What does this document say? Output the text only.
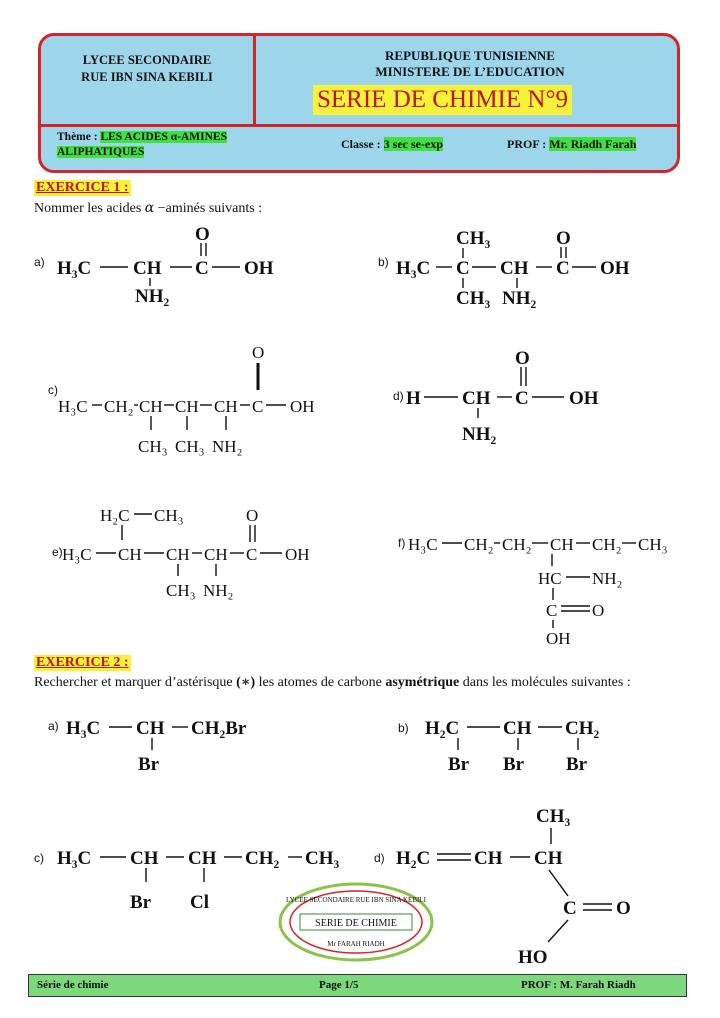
LYCEE SECONDAIRE
RUE IBN SINA KEBILI
REPUBLIQUE TUNISIENNE
MINISTERE DE L’EDUCATION
SERIE DE CHIMIE N°9
Thème : LES ACIDES α-AMINES
ALIPHATIQUES
Classe : 3 sec se-exp	PROF : Mr. Riadh Farah
EXERCICE 1 :
Nommer les acides α −aminés suivants :
EXERCICE 2 :
Rechercher et marquer d’astérisque (∗) les atomes de carbone asymétrique dans les molécules suivantes :
a) H₃C CH C OH
O
NH₂
b) H₃C C CH C OH
CH₃	O
CH₃ NH₂
c)
H₃C CH₂ CH CH CH C OH
O
CH₃ CH₃ NH₂
d) H CH C OH
O
NH₂
e) H₃C CH CH CH C OH
H₂C CH₃	O
CH₃ NH₂
f) H₃C CH₂ CH₂ CH CH₂ CH₃
HC NH₂
C O
OH
a) H₃C CH CH₂Br
Br
b) H₂C CH CH₂
Br Br Br
c) H₃C CH CH CH₂ CH₃
Br Cl
d) H₂C CH CH
CH₃
C O
HO
LYCEE SECONDAIRE RUE IBN SINA KEBILI
SERIE DE CHIMIE
Mr FARAH RIADH
Série de chimie	Page 1/5	PROF : M. Farah Riadh
